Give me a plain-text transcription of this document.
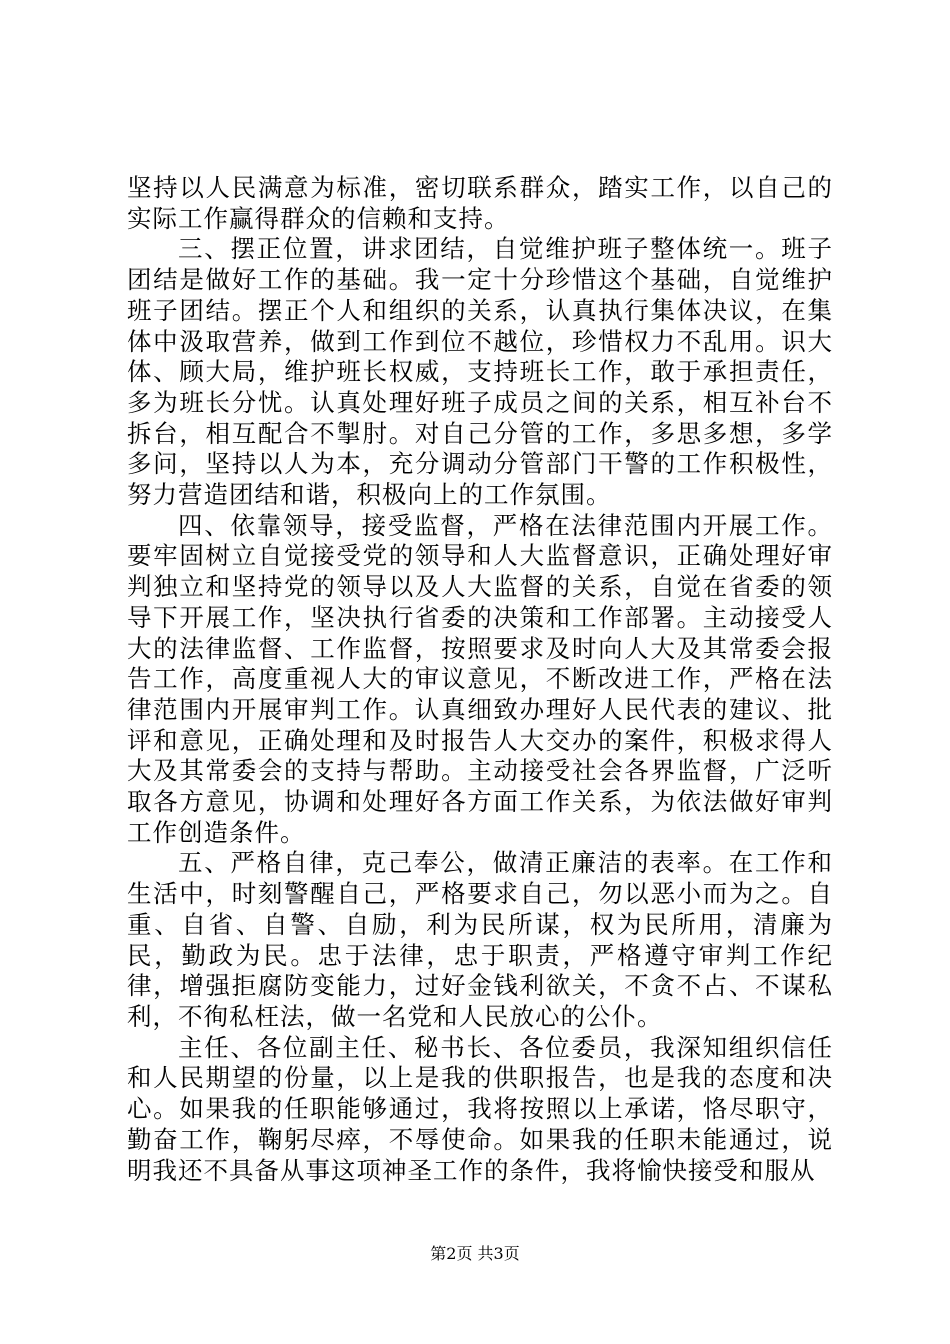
坚持以人民满意为标准，密切联系群众，踏实工作，以自己的实际工作赢得群众的信赖和支持。

三、摆正位置，讲求团结，自觉维护班子整体统一。班子团结是做好工作的基础。我一定十分珍惜这个基础，自觉维护班子团结。摆正个人和组织的关系，认真执行集体决议，在集体中汲取营养，做到工作到位不越位，珍惜权力不乱用。识大体、顾大局，维护班长权威，支持班长工作，敢于承担责任，多为班长分忧。认真处理好班子成员之间的关系，相互补台不拆台，相互配合不掣肘。对自己分管的工作，多思多想，多学多问，坚持以人为本，充分调动分管部门干警的工作积极性，努力营造团结和谐，积极向上的工作氛围。

四、依靠领导，接受监督，严格在法律范围内开展工作。要牢固树立自觉接受党的领导和人大监督意识，正确处理好审判独立和坚持党的领导以及人大监督的关系，自觉在省委的领导下开展工作，坚决执行省委的决策和工作部署。主动接受人大的法律监督、工作监督，按照要求及时向人大及其常委会报告工作，高度重视人大的审议意见，不断改进工作，严格在法律范围内开展审判工作。认真细致办理好人民代表的建议、批评和意见，正确处理和及时报告人大交办的案件，积极求得人大及其常委会的支持与帮助。主动接受社会各界监督，广泛听取各方意见，协调和处理好各方面工作关系，为依法做好审判工作创造条件。

五、严格自律，克己奉公，做清正廉洁的表率。在工作和生活中，时刻警醒自己，严格要求自己，勿以恶小而为之。自重、自省、自警、自励，利为民所谋，权为民所用，清廉为民，勤政为民。忠于法律，忠于职责，严格遵守审判工作纪律，增强拒腐防变能力，过好金钱利欲关，不贪不占、不谋私利，不徇私枉法，做一名党和人民放心的公仆。

主任、各位副主任、秘书长、各位委员，我深知组织信任和人民期望的份量，以上是我的供职报告，也是我的态度和决心。如果我的任职能够通过，我将按照以上承诺，恪尽职守，勤奋工作，鞠躬尽瘁，不辱使命。如果我的任职未能通过，说明我还不具备从事这项神圣工作的条件，我将愉快接受和服从

第2页 共3页
